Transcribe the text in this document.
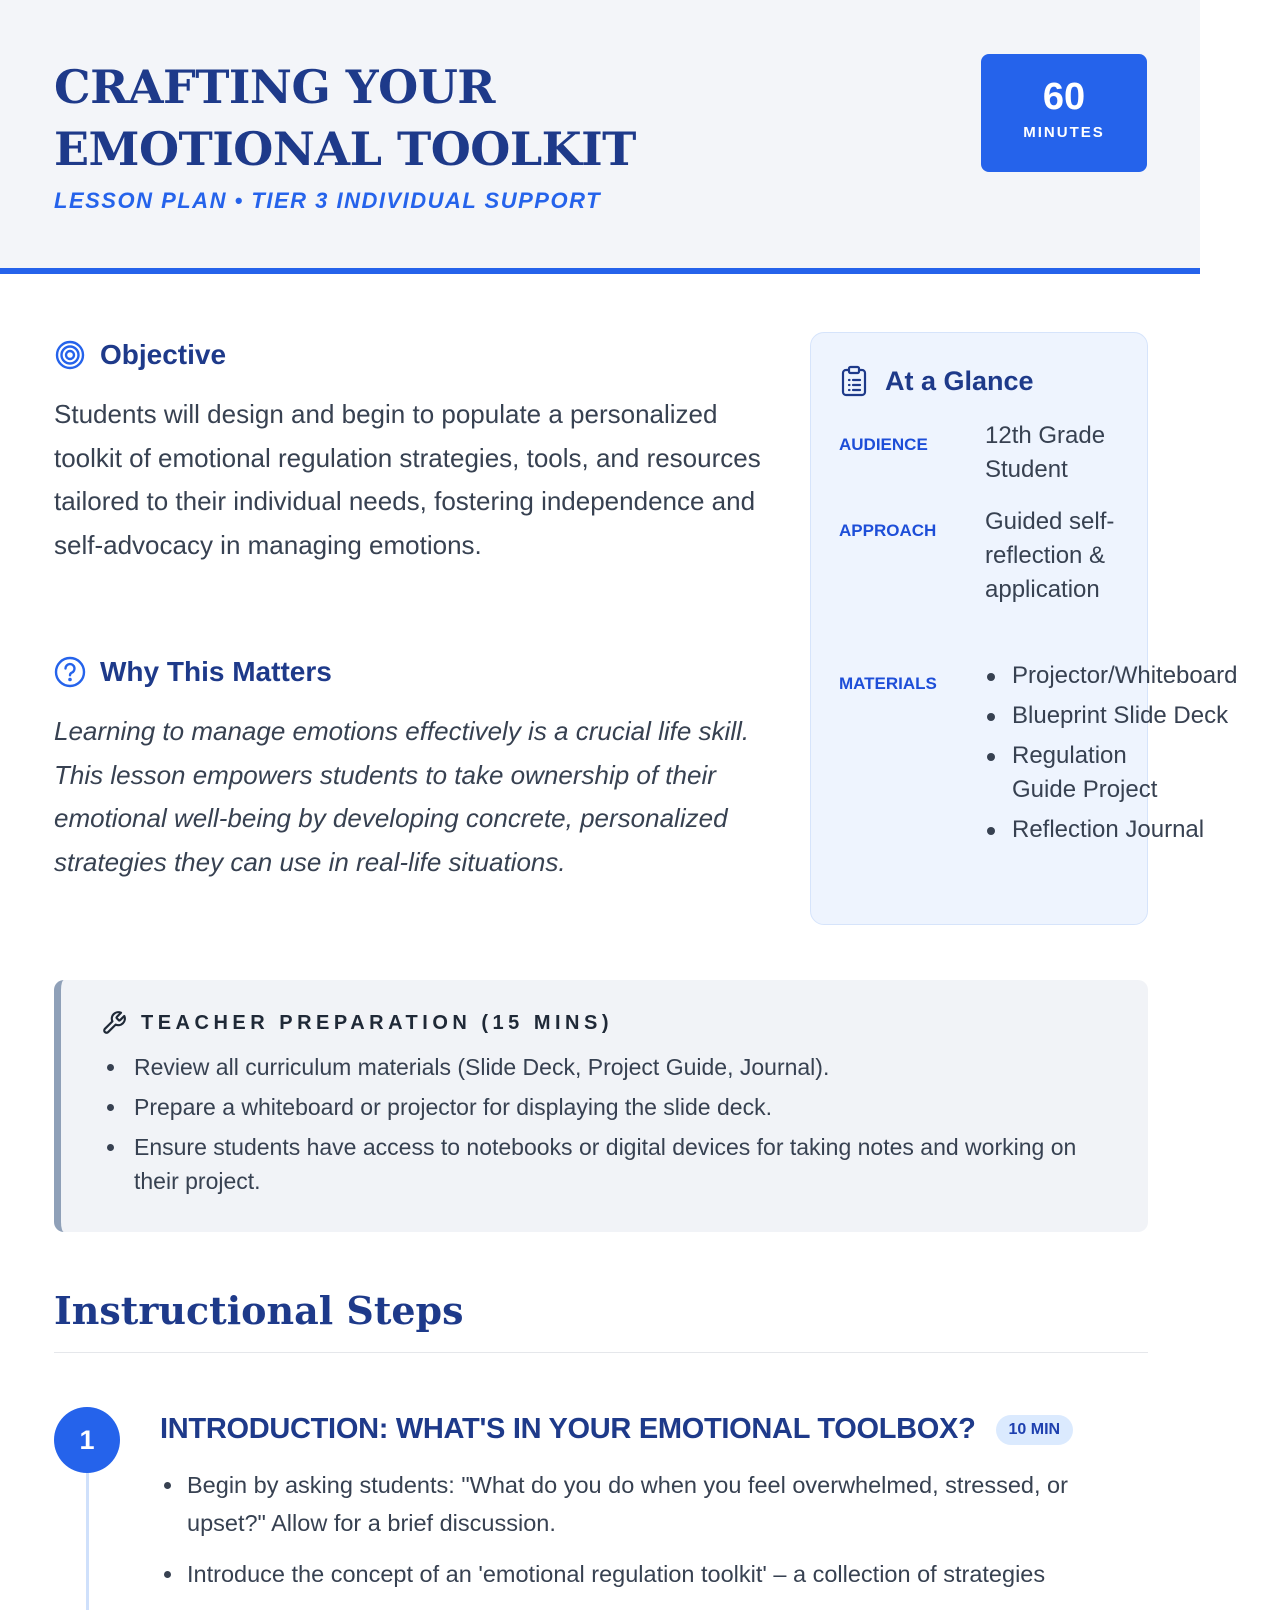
CRAFTING YOUR EMOTIONAL TOOLKIT
LESSON PLAN • TIER 3 INDIVIDUAL SUPPORT
60
MINUTES
Objective

Students will design and begin to populate a personalized toolkit of emotional regulation strategies, tools, and resources tailored to their individual needs, fostering independence and self-advocacy in managing emotions.

Why This Matters

Learning to manage emotions effectively is a crucial life skill. This lesson empowers students to take ownership of their emotional well-being by developing concrete, personalized strategies they can use in real-life situations.

At a Glance
AUDIENCE 12th Grade Student
APPROACH Guided self-reflection & application
MATERIALS	Projector/Whiteboard
Blueprint Slide Deck
Regulation Guide Project
Reflection Journal
TEACHER PREPARATION (15 MINS)
Review all curriculum materials (Slide Deck, Project Guide, Journal).
Prepare a whiteboard or projector for displaying the slide deck.
Ensure students have access to notebooks or digital devices for taking notes and working on their project.
Instructional Steps
1	INTRODUCTION: WHAT'S IN YOUR EMOTIONAL TOOLBOX?	10 MIN
Begin by asking students: "What do you do when you feel overwhelmed, stressed, or upset?" Allow for a brief discussion.
Introduce the concept of an 'emotional regulation toolkit' – a collection of strategies
